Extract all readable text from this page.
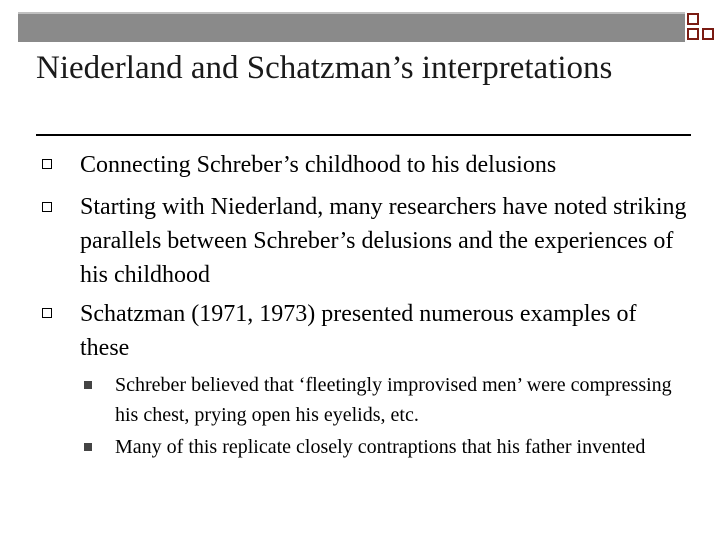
Niederland and Schatzman’s interpretations
Connecting Schreber’s childhood to his delusions
Starting with Niederland, many researchers have noted striking parallels between Schreber’s delusions and the experiences of his childhood
Schatzman (1971, 1973) presented numerous examples of these
Schreber believed that ‘fleetingly improvised men’ were compressing his chest, prying open his eyelids, etc.
Many of this replicate closely contraptions that his father invented
